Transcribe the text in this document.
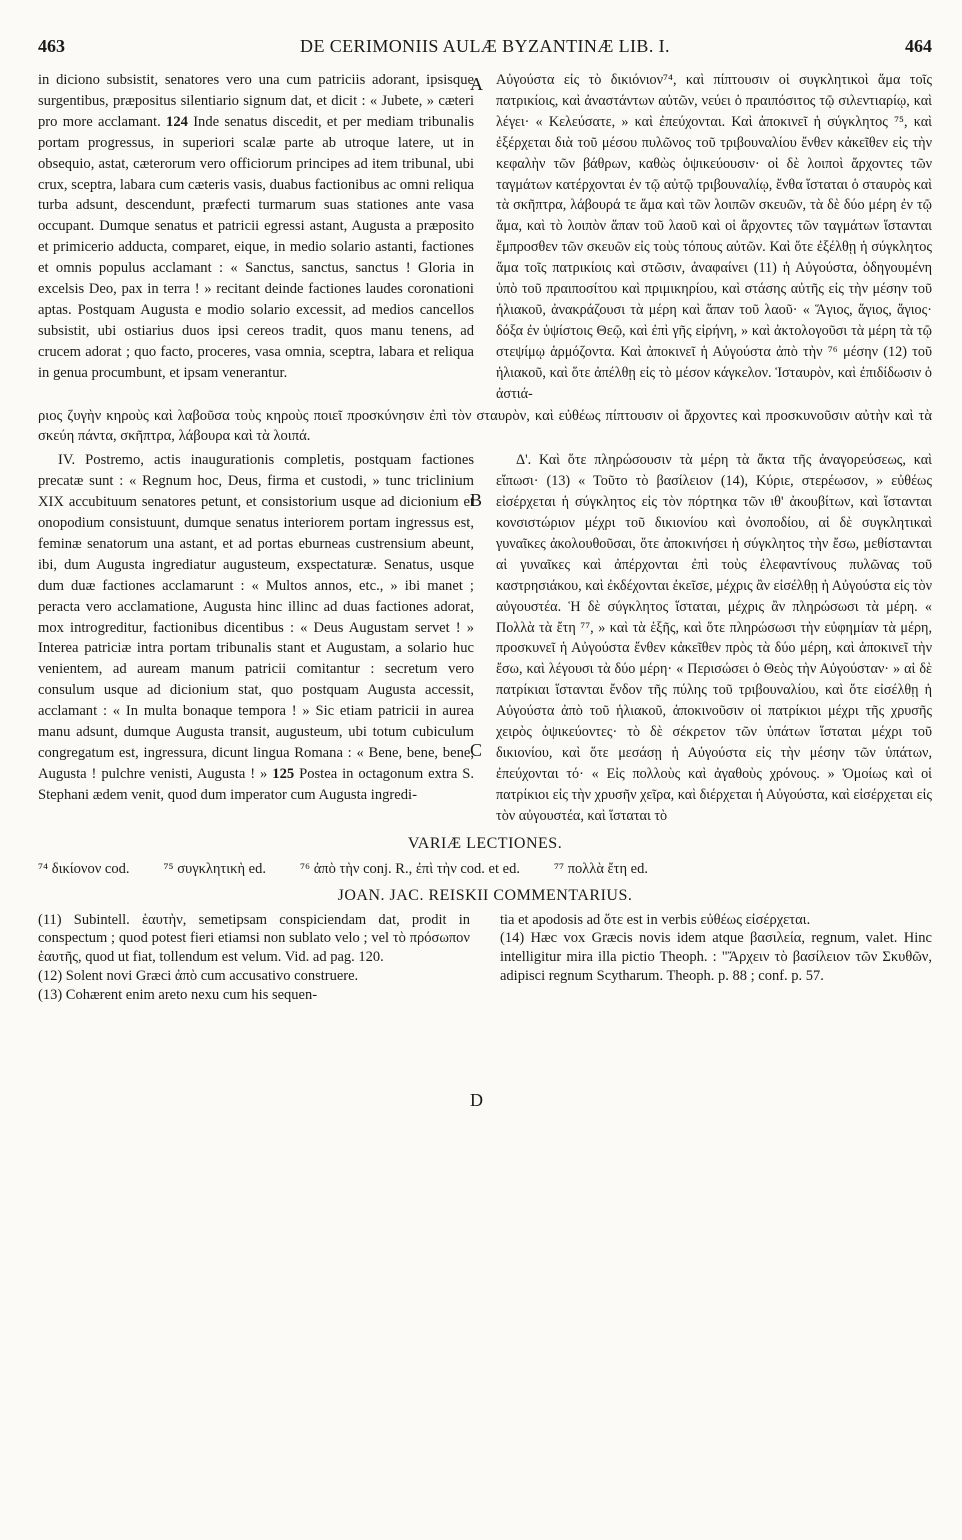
463	DE CERIMONIIS AULÆ BYZANTINÆ LIB. I.	464
A
B
C
D

in diciono subsistit, senatores vero una cum patriciis adorant, ipsisque surgentibus, præpositus silentiario signum dat, et dicit : « Jubete, » cæteri pro more acclamant. 124 Inde senatus discedit, et per mediam tribunalis portam progressus, in superiori scalæ parte ab utroque latere, ut in obsequio, astat, cæterorum vero officiorum principes ad item tribunal, ubi crux, sceptra, labara cum cæteris vasis, duabus factionibus ac omni reliqua turba adsunt, descendunt, præfecti turmarum suas stationes ante vasa occupant. Dumque senatus et patricii egressi astant, Augusta a præposito et primicerio adducta, comparet, eique, in medio solario astanti, factiones et omnis populus acclamant : « Sanctus, sanctus, sanctus ! Gloria in excelsis Deo, pax in terra ! » recitant deinde factiones laudes coronationi aptas. Postquam Augusta e modio solario excessit, ad medios cancellos subsistit, ubi ostiarius duos ipsi cereos tradit, quos manu tenens, ad crucem adorat ; quo facto, proceres, vasa omnia, sceptra, labara et reliqua in genua procumbunt, et ipsam venerantur.

Αὐγούστα εἰς τὸ δικιόνιον⁷⁴, καὶ πίπτουσιν οἱ συγκλητικοὶ ἅμα τοῖς πατρικίοις, καὶ ἀναστάντων αὐτῶν, νεύει ὁ πραιπόσιτος τῷ σιλεντιαρίῳ, καὶ λέγει· « Κελεύσατε, » καὶ ἐπεύχονται. Καὶ ἀποκινεῖ ἡ σύγκλητος ⁷⁵, καὶ ἐξέρχεται διὰ τοῦ μέσου πυλῶνος τοῦ τριβουναλίου ἔνθεν κἀκεῖθεν εἰς τὴν κεφαλὴν τῶν βάθρων, καθὼς ὀψικεύουσιν· οἱ δὲ λοιποὶ ἄρχοντες τῶν ταγμάτων κατέρχονται ἐν τῷ αὐτῷ τριβουναλίῳ, ἔνθα ἵσταται ὁ σταυρὸς καὶ τὰ σκῆπτρα, λάβουρά τε ἅμα καὶ τῶν λοιπῶν σκευῶν, τὰ δὲ δύο μέρη ἐν τῷ ἅμα, καὶ τὸ λοιπὸν ἅπαν τοῦ λαοῦ καὶ οἱ ἄρχοντες τῶν ταγμάτων ἵστανται ἔμπροσθεν τῶν σκευῶν εἰς τοὺς τόπους αὐτῶν. Καὶ ὅτε ἐξέλθῃ ἡ σύγκλητος ἅμα τοῖς πατρικίοις καὶ στῶσιν, ἀναφαίνει (11) ἡ Αὐγούστα, ὁδηγουμένη ὑπὸ τοῦ πραιποσίτου καὶ πριμικηρίου, καὶ στάσης αὐτῆς εἰς τὴν μέσην τοῦ ἡλιακοῦ, ἀνακράζουσι τὰ μέρη καὶ ἅπαν τοῦ λαοῦ· « Ἅγιος, ἅγιος, ἅγιος· δόξα ἐν ὑψίστοις Θεῷ, καὶ ἐπὶ γῆς εἰρήνη, » καὶ ἀκτολογοῦσι τὰ μέρη τὰ τῷ στεψίμῳ ἁρμόζοντα. Καὶ ἀποκινεῖ ἡ Αὐγούστα ἀπὸ τὴν ⁷⁶ μέσην (12) τοῦ ἡλιακοῦ, καὶ ὅτε ἀπέλθῃ εἰς τὸ μέσον κάγκελον. Ἱσταυρὸν, καὶ ἐπιδίδωσιν ὁ ἀστιά-

ριος ζυγὴν κηροὺς καὶ λαβοῦσα τοὺς κηροὺς ποιεῖ προσκύνησιν ἐπὶ τὸν σταυρὸν, καὶ εὐθέως πίπτουσιν οἱ ἄρχοντες καὶ προσκυνοῦσιν αὐτὴν καὶ τὰ σκεύη πάντα, σκῆπτρα, λάβουρα καὶ τὰ λοιπά.

IV. Postremo, actis inaugurationis completis, postquam factiones precatæ sunt : « Regnum hoc, Deus, firma et custodi, » tunc triclinium XIX accubituum senatores petunt, et consistorium usque ad dicionium et onopodium consistuunt, dumque senatus interiorem portam ingressus est, feminæ senatorum una astant, et ad portas eburneas custrensium abeunt, ibi, dum Augusta ingrediatur augusteum, exspectaturæ. Senatus, usque dum duæ factiones acclamarunt : « Multos annos, etc., » ibi manet ; peracta vero acclamatione, Augusta hinc illinc ad duas factiones adorat, mox introgreditur, factionibus dicentibus : « Deus Augustam servet ! » Interea patriciæ intra portam tribunalis stant et Augustam, a solario huc venientem, ad auream manum patricii comitantur : secretum vero consulum usque ad dicionium stat, quo postquam Augusta accessit, acclamant : « In multa bonaque tempora ! » Sic etiam patricii in aurea manu adsunt, dumque Augusta transit, augusteum, ubi totum cubiculum congregatum est, ingressura, dicunt lingua Romana : « Bene, bene, bene, Augusta ! pulchre venisti, Augusta ! » 125 Postea in octagonum extra S. Stephani ædem venit, quod dum imperator cum Augusta ingredi-

Δ'. Καὶ ὅτε πληρώσουσιν τὰ μέρη τὰ ἄκτα τῆς ἀναγορεύσεως, καὶ εἴπωσι· (13) « Τοῦτο τὸ βασίλειον (14), Κύριε, στερέωσον, » εὐθέως εἰσέρχεται ἡ σύγκλητος εἰς τὸν πόρτηκα τῶν ιθ' ἀκουβίτων, καὶ ἵστανται κονσιστώριον μέχρι τοῦ δικιονίου καὶ ὀνοποδίου, αἱ δὲ συγκλητικαὶ γυναῖκες ἀκολουθοῦσαι, ὅτε ἀποκινήσει ἡ σύγκλητος τὴν ἔσω, μεθίστανται αἱ γυναῖκες καὶ ἀπέρχονται ἐπὶ τοὺς ἐλεφαντίνους πυλῶνας τοῦ καστρησιάκου, καὶ ἐκδέχονται ἐκεῖσε, μέχρις ἂν εἰσέλθῃ ἡ Αὐγούστα εἰς τὸν αὐγουστέα. Ἡ δὲ σύγκλητος ἵσταται, μέχρις ἂν πληρώσωσι τὰ μέρη. « Πολλὰ τὰ ἔτη ⁷⁷, » καὶ τὰ ἑξῆς, καὶ ὅτε πληρώσωσι τὴν εὐφημίαν τὰ μέρη, προσκυνεῖ ἡ Αὐγούστα ἔνθεν κἀκεῖθεν πρὸς τὰ δύο μέρη, καὶ ἀποκινεῖ τὴν ἔσω, καὶ λέγουσι τὰ δύο μέρη· « Περισώσει ὁ Θεὸς τὴν Αὐγούσταν· » αἱ δὲ πατρίκιαι ἵστανται ἔνδον τῆς πύλης τοῦ τριβουναλίου, καὶ ὅτε εἰσέλθῃ ἡ Αὐγούστα ἀπὸ τοῦ ἡλιακοῦ, ἀποκινοῦσιν οἱ πατρίκιοι μέχρι τῆς χρυσῆς χειρὸς ὀψικεύοντες· τὸ δὲ σέκρετον τῶν ὑπάτων ἵσταται μέχρι τοῦ δικιονίου, καὶ ὅτε μεσάσῃ ἡ Αὐγούστα εἰς τὴν μέσην τῶν ὑπάτων, ἐπεύχονται τό· « Εἰς πολλοὺς καὶ ἀγαθοὺς χρόνους. » Ὁμοίως καὶ οἱ πατρίκιοι εἰς τὴν χρυσῆν χεῖρα, καὶ διέρχεται ἡ Αὐγούστα, καὶ εἰσέρχεται εἰς τὸν αὐγουστέα, καὶ ἵσταται τὸ

VARIÆ LECTIONES.
⁷⁴ δικίονον cod. ⁷⁵ συγκλητικὴ ed. ⁷⁶ ἀπὸ τὴν conj. R., ἐπὶ τὴν cod. et ed. ⁷⁷ πολλὰ ἔτη ed.
JOAN. JAC. REISKII COMMENTARIUS.

(11) Subintell. ἑαυτὴν, semetipsam conspiciendam dat, prodit in conspectum ; quod potest fieri etiamsi non sublato velo ; vel τὸ πρόσωπον ἑαυτῆς, quod ut fiat, tollendum est velum. Vid. ad pag. 120.

(12) Solent novi Græci ἀπὸ cum accusativo construere.

(13) Cohærent enim areto nexu cum his sequen-

tia et apodosis ad ὅτε est in verbis εὐθέως εἰσέρχεται.

(14) Hæc vox Græcis novis idem atque βασιλεία, regnum, valet. Hinc intelligitur mira illa pictio Theoph. : "Ἄρχειν τὸ βασίλειον τῶν Σκυθῶν, adipisci regnum Scytharum. Theoph. p. 88 ; conf. p. 57.
